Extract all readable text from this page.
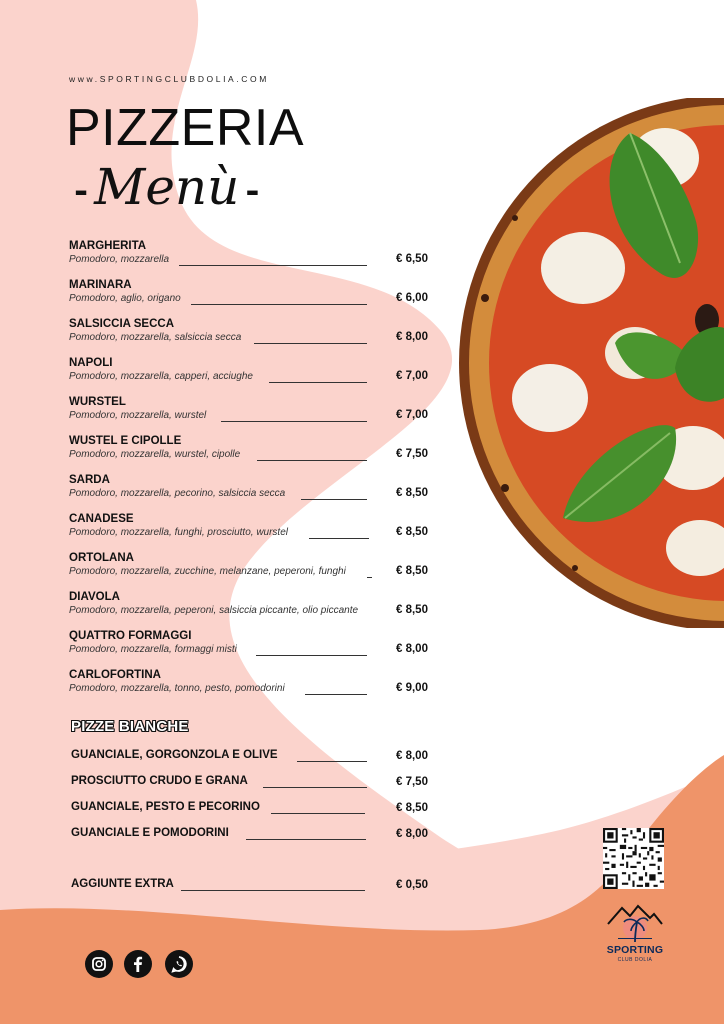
www.SPORTINGCLUBDOLIA.COM
PIZZERIA
- Menù -
MARGHERITA
Pomodoro, mozzarella	€ 6,50
MARINARA
Pomodoro, aglio, origano	€ 6,00
SALSICCIA SECCA
Pomodoro, mozzarella, salsiccia secca	€ 8,00
NAPOLI
Pomodoro, mozzarella, capperi, acciughe	€ 7,00
WURSTEL
Pomodoro, mozzarella, wurstel	€ 7,00
WUSTEL E CIPOLLE
Pomodoro, mozzarella, wurstel, cipolle	€ 7,50
SARDA
Pomodoro, mozzarella, pecorino, salsiccia secca	€ 8,50
CANADESE
Pomodoro, mozzarella, funghi, prosciutto, wurstel	€ 8,50
ORTOLANA
Pomodoro, mozzarella, zucchine, melanzane, peperoni, funghi	€ 8,50
DIAVOLA
Pomodoro, mozzarella, peperoni, salsiccia piccante, olio piccante	€ 8,50
QUATTRO FORMAGGI
Pomodoro, mozzarella, formaggi misti	€ 8,00
CARLOFORTINA
Pomodoro, mozzarella, tonno, pesto, pomodorini	€ 9,00
PIZZE BIANCHE
GUANCIALE, GORGONZOLA E OLIVE	€ 8,00
PROSCIUTTO CRUDO E GRANA	€ 7,50
GUANCIALE, PESTO E PECORINO	€ 8,50
GUANCIALE E POMODORINI	€ 8,00
AGGIUNTE EXTRA	€ 0,50
SPORTING
CLUB DOLIA
